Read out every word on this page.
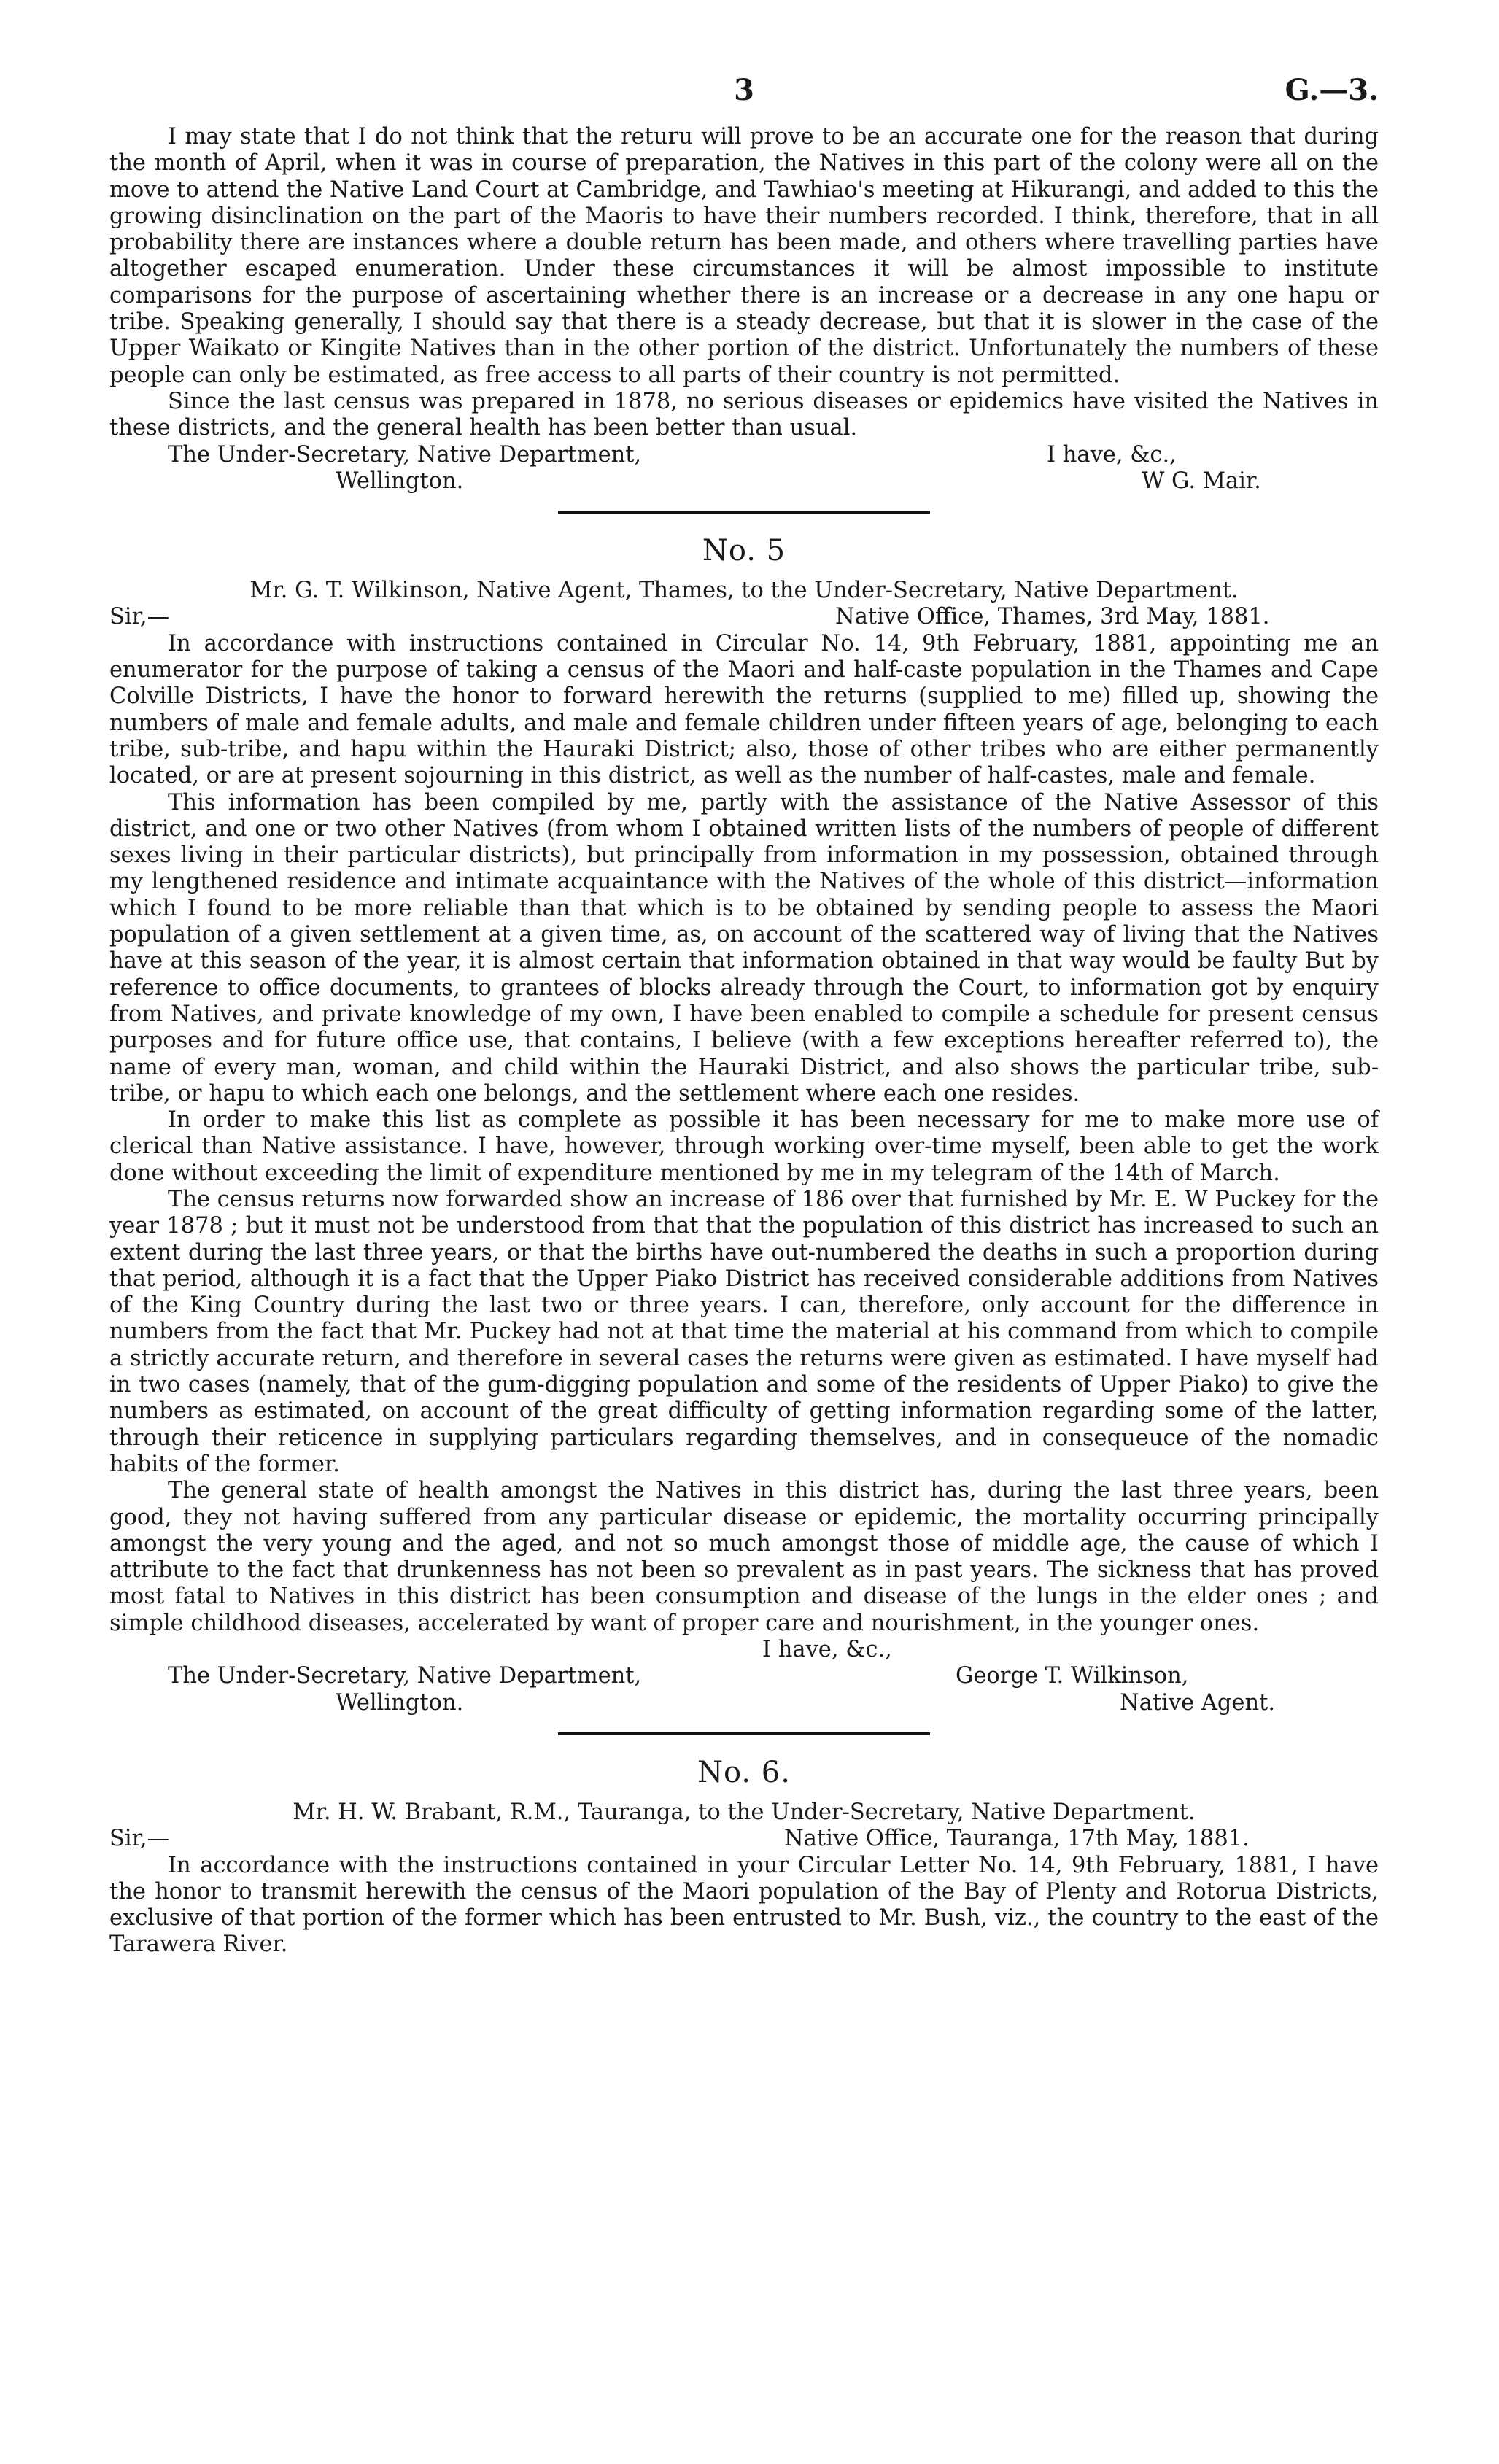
3	G.—3.

I may state that I do not think that the returu will prove to be an accurate one for the reason that during the month of April, when it was in course of preparation, the Natives in this part of the colony were all on the move to attend the Native Land Court at Cambridge, and Tawhiao's meeting at Hikurangi, and added to this the growing disinclination on the part of the Maoris to have their numbers recorded. I think, therefore, that in all probability there are instances where a double return has been made, and others where travelling parties have altogether escaped enumeration. Under these circumstances it will be almost impossible to institute comparisons for the purpose of ascertaining whether there is an increase or a decrease in any one hapu or tribe. Speaking generally, I should say that there is a steady decrease, but that it is slower in the case of the Upper Waikato or Kingite Natives than in the other portion of the district. Unfortunately the numbers of these people can only be estimated, as free access to all parts of their country is not permitted.

Since the last census was prepared in 1878, no serious diseases or epidemics have visited the Natives in these districts, and the general health has been better than usual.

The Under-Secretary, Native Department,
Wellington.
I have, &c.,
W G. Mair.
No. 5
Mr. G. T. Wilkinson, Native Agent, Thames, to the Under-Secretary, Native Department.
Sir,—	Native Office, Thames, 3rd May, 1881.

In accordance with instructions contained in Circular No. 14, 9th February, 1881, appointing me an enumerator for the purpose of taking a census of the Maori and half-caste population in the Thames and Cape Colville Districts, I have the honor to forward herewith the returns (supplied to me) filled up, showing the numbers of male and female adults, and male and female children under fifteen years of age, belonging to each tribe, sub-tribe, and hapu within the Hauraki District; also, those of other tribes who are either permanently located, or are at present sojourning in this district, as well as the number of half-castes, male and female.

This information has been compiled by me, partly with the assistance of the Native Assessor of this district, and one or two other Natives (from whom I obtained written lists of the numbers of people of different sexes living in their particular districts), but principally from information in my possession, obtained through my lengthened residence and intimate acquaintance with the Natives of the whole of this district—information which I found to be more reliable than that which is to be obtained by sending people to assess the Maori population of a given settlement at a given time, as, on account of the scattered way of living that the Natives have at this season of the year, it is almost certain that information obtained in that way would be faulty But by reference to office documents, to grantees of blocks already through the Court, to information got by enquiry from Natives, and private knowledge of my own, I have been enabled to compile a schedule for present census purposes and for future office use, that contains, I believe (with a few exceptions hereafter referred to), the name of every man, woman, and child within the Hauraki District, and also shows the particular tribe, sub-tribe, or hapu to which each one belongs, and the settlement where each one resides.

In order to make this list as complete as possible it has been necessary for me to make more use of clerical than Native assistance. I have, however, through working over-time myself, been able to get the work done without exceeding the limit of expenditure mentioned by me in my telegram of the 14th of March.

The census returns now forwarded show an increase of 186 over that furnished by Mr. E. W Puckey for the year 1878 ; but it must not be understood from that that the population of this district has increased to such an extent during the last three years, or that the births have out-numbered the deaths in such a proportion during that period, although it is a fact that the Upper Piako District has received considerable additions from Natives of the King Country during the last two or three years. I can, therefore, only account for the difference in numbers from the fact that Mr. Puckey had not at that time the material at his command from which to compile a strictly accurate return, and therefore in several cases the returns were given as estimated. I have myself had in two cases (namely, that of the gum-digging population and some of the residents of Upper Piako) to give the numbers as estimated, on account of the great difficulty of getting information regarding some of the latter, through their reticence in supplying particulars regarding themselves, and in consequeuce of the nomadic habits of the former.

The general state of health amongst the Natives in this district has, during the last three years, been good, they not having suffered from any particular disease or epidemic, the mortality occurring principally amongst the very young and the aged, and not so much amongst those of middle age, the cause of which I attribute to the fact that drunkenness has not been so prevalent as in past years. The sickness that has proved most fatal to Natives in this district has been consumption and disease of the lungs in the elder ones ; and simple childhood diseases, accelerated by want of proper care and nourishment, in the younger ones.

I have, &c.,
The Under-Secretary, Native Department,	George T. Wilkinson,
Wellington.	Native Agent.
No. 6.
Mr. H. W. Brabant, R.M., Tauranga, to the Under-Secretary, Native Department.
Sir,—	Native Office, Tauranga, 17th May, 1881.

In accordance with the instructions contained in your Circular Letter No. 14, 9th February, 1881, I have the honor to transmit herewith the census of the Maori population of the Bay of Plenty and Rotorua Districts, exclusive of that portion of the former which has been entrusted to Mr. Bush, viz., the country to the east of the Tarawera River.
